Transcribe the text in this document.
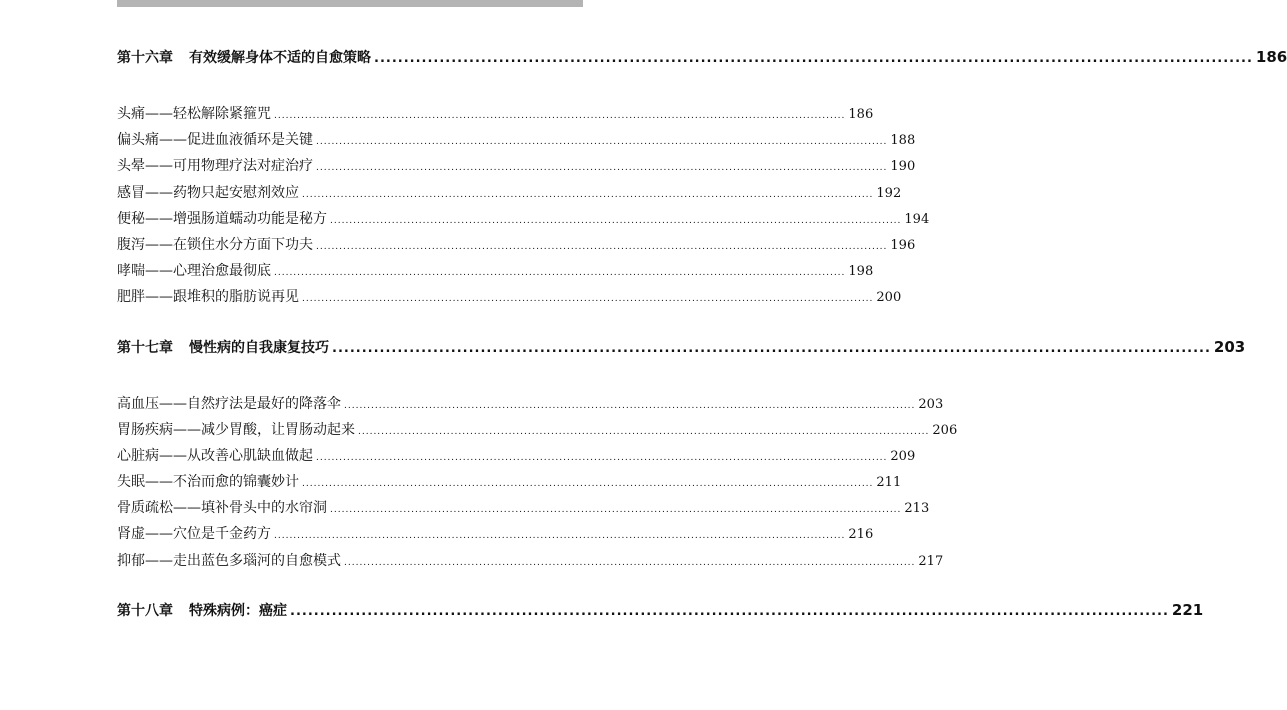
第十六章 有效缓解身体不适的自愈策略 .................................................................................................................................................... 186
头痛——轻松解除紧箍咒 .................................................................................................................................................... 186
偏头痛——促进血液循环是关键 .................................................................................................................................................... 188
头晕——可用物理疗法对症治疗 .................................................................................................................................................... 190
感冒——药物只起安慰剂效应 .................................................................................................................................................... 192
便秘——增强肠道蠕动功能是秘方 .................................................................................................................................................... 194
腹泻——在锁住水分方面下功夫 .................................................................................................................................................... 196
哮喘——心理治愈最彻底 .................................................................................................................................................... 198
肥胖——跟堆积的脂肪说再见 .................................................................................................................................................... 200
第十七章 慢性病的自我康复技巧 .................................................................................................................................................... 203
高血压——自然疗法是最好的降落伞 .................................................................................................................................................... 203
胃肠疾病——减少胃酸，让胃肠动起来 .................................................................................................................................................... 206
心脏病——从改善心肌缺血做起 .................................................................................................................................................... 209
失眠——不治而愈的锦囊妙计 .................................................................................................................................................... 211
骨质疏松——填补骨头中的水帘洞 .................................................................................................................................................... 213
肾虚——穴位是千金药方 .................................................................................................................................................... 216
抑郁——走出蓝色多瑙河的自愈模式 .................................................................................................................................................... 217
第十八章 特殊病例：癌症 .................................................................................................................................................... 221
